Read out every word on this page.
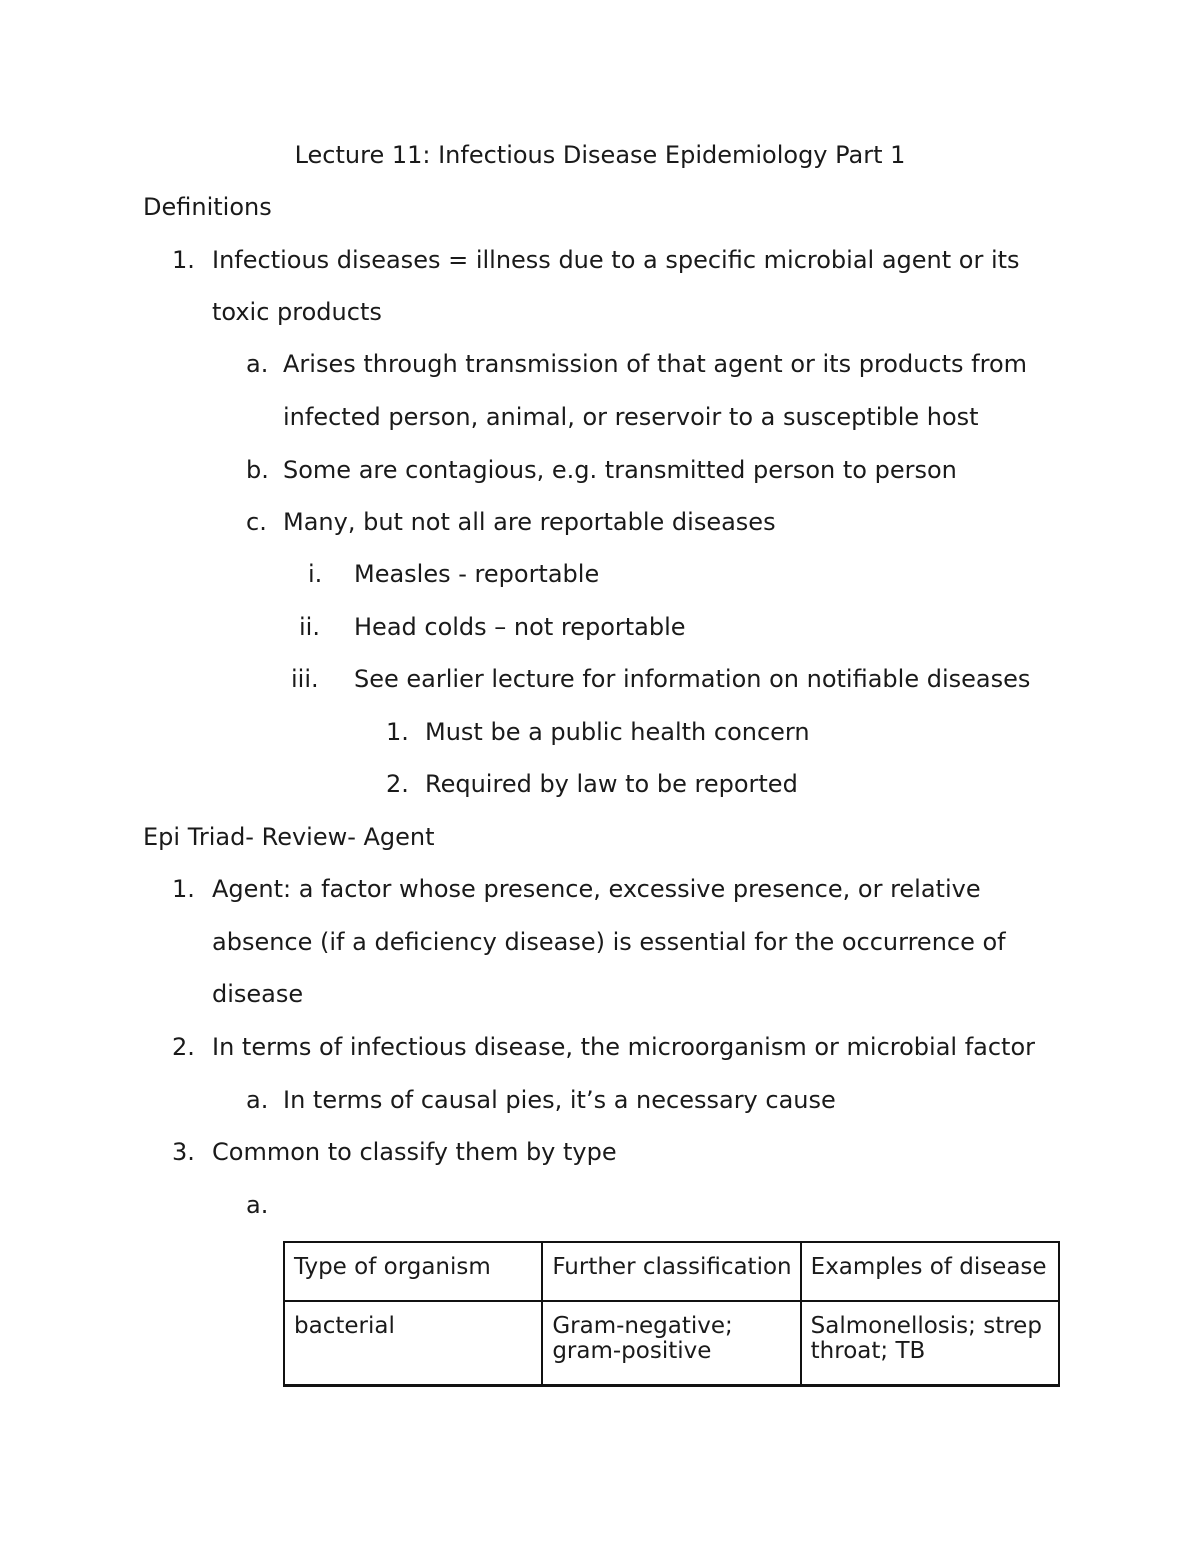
Lecture 11: Infectious Disease Epidemiology Part 1
Definitions
1. Infectious diseases = illness due to a specific microbial agent or its
toxic products
a. Arises through transmission of that agent or its products from
infected person, animal, or reservoir to a susceptible host
b. Some are contagious, e.g. transmitted person to person
c. Many, but not all are reportable diseases
i. Measles - reportable
ii. Head colds – not reportable
iii. See earlier lecture for information on notifiable diseases
1. Must be a public health concern
2. Required by law to be reported
Epi Triad- Review- Agent
1. Agent: a factor whose presence, excessive presence, or relative
absence (if a deficiency disease) is essential for the occurrence of
disease
2. In terms of infectious disease, the microorganism or microbial factor
a. In terms of causal pies, it’s a necessary cause
3. Common to classify them by type
a.
Type of organism	Further classification	Examples of disease
bacterial	Gram-negative; gram-positive	Salmonellosis; strep throat; TB
